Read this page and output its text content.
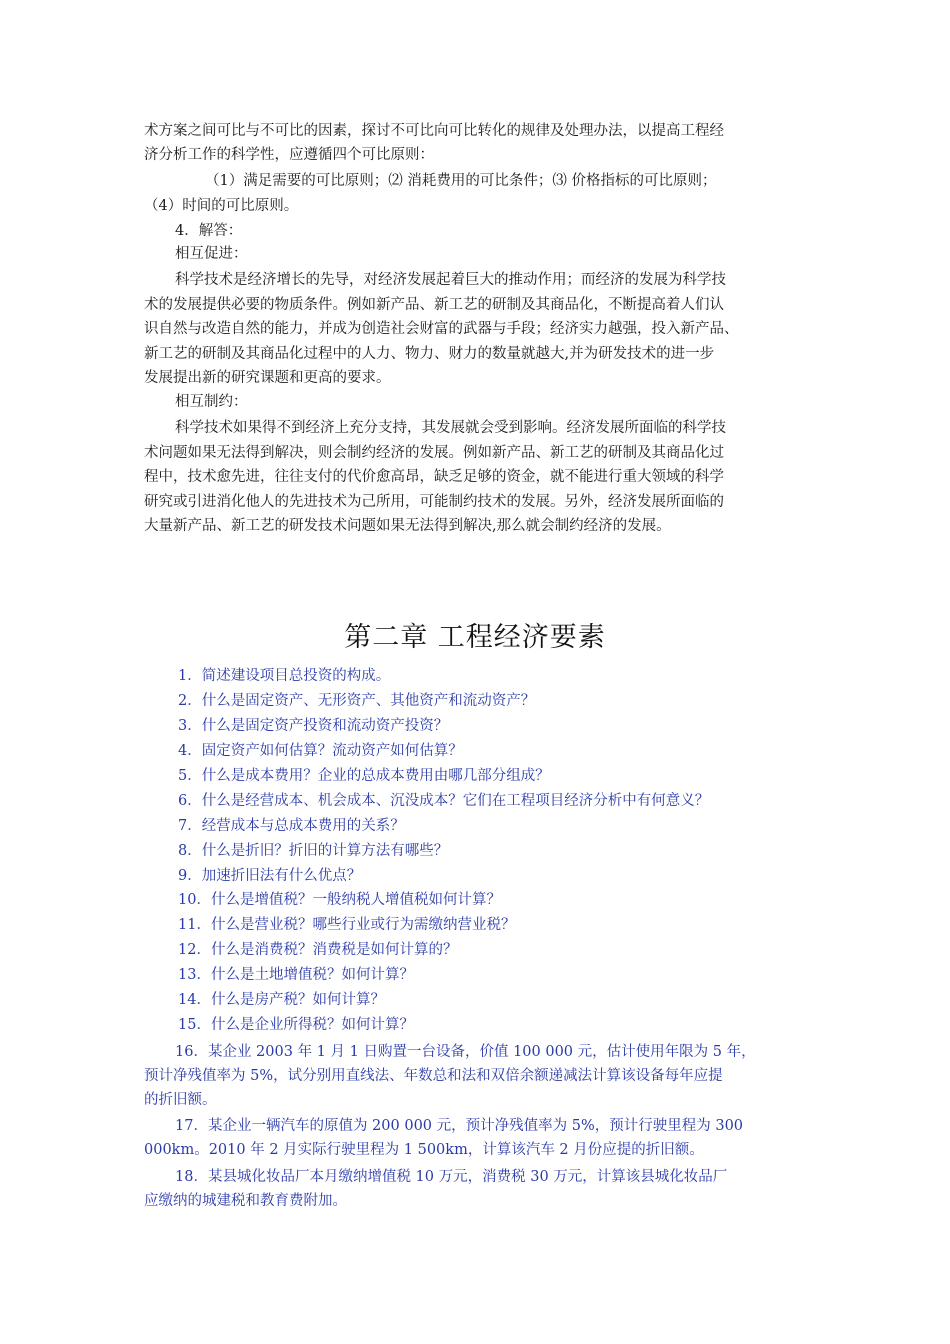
术方案之间可比与不可比的因素，探讨不可比向可比转化的规律及处理办法，以提高工程经
济分析工作的科学性，应遵循四个可比原则：
（1）满足需要的可比原则；⑵ 消耗费用的可比条件；⑶ 价格指标的可比原则；
（4）时间的可比原则。
4．解答：
相互促进：
科学技术是经济增长的先导，对经济发展起着巨大的推动作用；而经济的发展为科学技
术的发展提供必要的物质条件。例如新产品、新工艺的研制及其商品化，不断提高着人们认
识自然与改造自然的能力，并成为创造社会财富的武器与手段；经济实力越强，投入新产品、
新工艺的研制及其商品化过程中的人力、物力、财力的数量就越大,并为研发技术的进一步
发展提出新的研究课题和更高的要求。
相互制约：
科学技术如果得不到经济上充分支持，其发展就会受到影响。经济发展所面临的科学技
术问题如果无法得到解决，则会制约经济的发展。例如新产品、新工艺的研制及其商品化过
程中，技术愈先进，往往支付的代价愈高昂，缺乏足够的资金，就不能进行重大领域的科学
研究或引进消化他人的先进技术为己所用，可能制约技术的发展。另外，经济发展所面临的
大量新产品、新工艺的研发技术问题如果无法得到解决,那么就会制约经济的发展。
第二章 工程经济要素
1．简述建设项目总投资的构成。
2．什么是固定资产、无形资产、其他资产和流动资产？
3．什么是固定资产投资和流动资产投资？
4．固定资产如何估算？流动资产如何估算？
5．什么是成本费用？企业的总成本费用由哪几部分组成？
6．什么是经营成本、机会成本、沉没成本？它们在工程项目经济分析中有何意义？
7．经营成本与总成本费用的关系？
8．什么是折旧？折旧的计算方法有哪些？
9．加速折旧法有什么优点？
10．什么是增值税？一般纳税人增值税如何计算？
11．什么是营业税？哪些行业或行为需缴纳营业税？
12．什么是消费税？消费税是如何计算的？
13．什么是土地增值税？如何计算？
14．什么是房产税？如何计算？
15．什么是企业所得税？如何计算？
16．某企业 2003 年 1 月 1 日购置一台设备，价值 100 000 元，估计使用年限为 5 年，
预计净残值率为 5%，试分别用直线法、年数总和法和双倍余额递减法计算该设备每年应提
的折旧额。
17．某企业一辆汽车的原值为 200 000 元，预计净残值率为 5%，预计行驶里程为 300
000km。2010 年 2 月实际行驶里程为 1 500km，计算该汽车 2 月份应提的折旧额。
18．某县城化妆品厂本月缴纳增值税 10 万元，消费税 30 万元，计算该县城化妆品厂
应缴纳的城建税和教育费附加。
